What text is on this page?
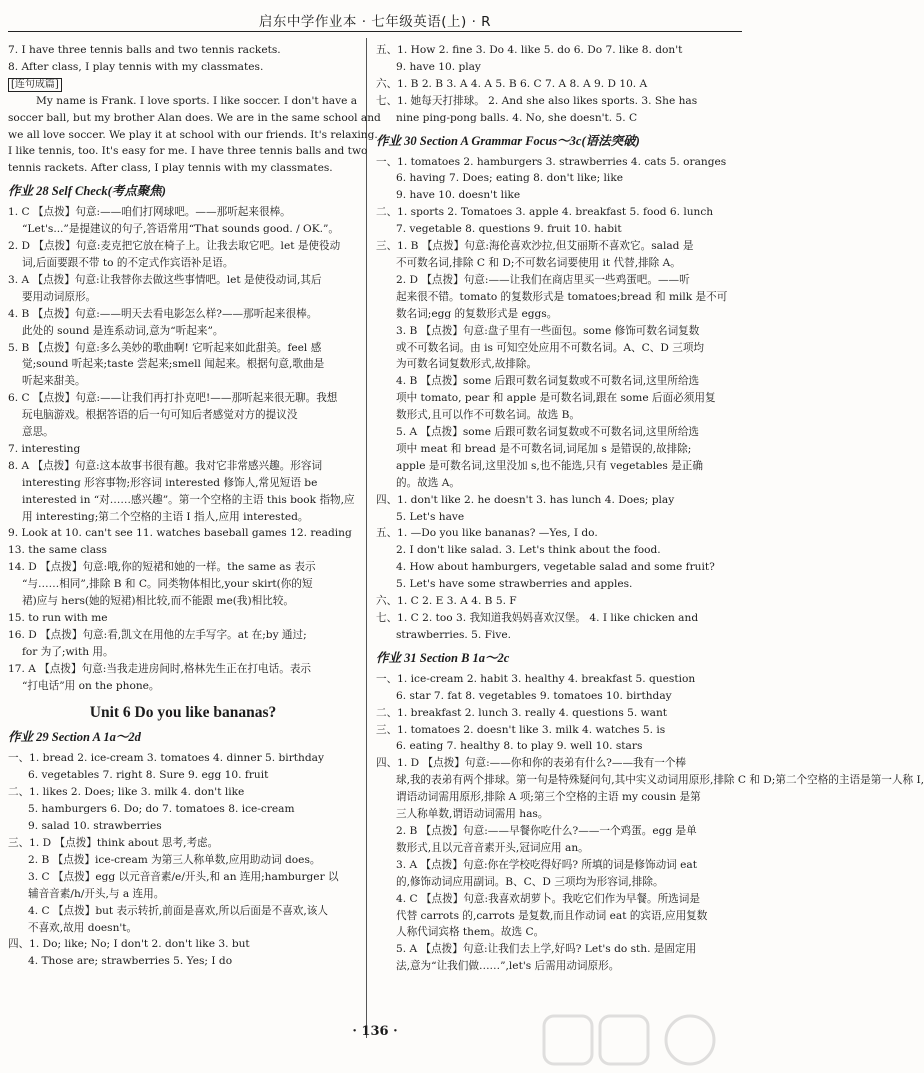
启东中学作业本 · 七年级英语(上) · R
7. I have three tennis balls and two tennis rackets.
8. After class, I play tennis with my classmates.
[连句成篇]
My name is Frank. I love sports. I like soccer. I don't have a
soccer ball, but my brother Alan does. We are in the same school and
we all love soccer. We play it at school with our friends. It's relaxing.
I like tennis, too. It's easy for me. I have three tennis balls and two
tennis rackets. After class, I play tennis with my classmates.
作业 28 Self Check(考点聚焦)
1. C 【点拨】句意:——咱们打网球吧。——那听起来很棒。
“Let's...”是提建议的句子,答语常用“That sounds good. / OK.”。
2. D 【点拨】句意:麦克把它放在椅子上。让我去取它吧。let 是使役动
词,后面要跟不带 to 的不定式作宾语补足语。
3. A 【点拨】句意:让我替你去做这些事情吧。let 是使役动词,其后
要用动词原形。
4. B 【点拨】句意:——明天去看电影怎么样?——那听起来很棒。
此处的 sound 是连系动词,意为“听起来”。
5. B 【点拨】句意:多么美妙的歌曲啊! 它听起来如此甜美。feel 感
觉;sound 听起来;taste 尝起来;smell 闻起来。根据句意,歌曲是
听起来甜美。
6. C 【点拨】句意:——让我们再打扑克吧!——那听起来很无聊。我想
玩电脑游戏。根据答语的后一句可知后者感觉对方的提议没
意思。
7. interesting
8. A 【点拨】句意:这本故事书很有趣。我对它非常感兴趣。形容词
interesting 形容事物;形容词 interested 修饰人,常见短语 be
interested in “对……感兴趣”。第一个空格的主语 this book 指物,应
用 interesting;第二个空格的主语 I 指人,应用 interested。
9. Look at 10. can't see 11. watches baseball games 12. reading
13. the same class
14. D 【点拨】句意:哦,你的短裙和她的一样。the same as 表示
“与……相同”,排除 B 和 C。同类物体相比,your skirt(你的短
裙)应与 hers(她的短裙)相比较,而不能跟 me(我)相比较。
15. to run with me
16. D 【点拨】句意:看,凯文在用他的左手写字。at 在;by 通过;
for 为了;with 用。
17. A 【点拨】句意:当我走进房间时,格林先生正在打电话。表示
“打电话”用 on the phone。
Unit 6 Do you like bananas?
作业 29 Section A 1a～2d
一、1. bread 2. ice-cream 3. tomatoes 4. dinner 5. birthday
6. vegetables 7. right 8. Sure 9. egg 10. fruit
二、1. likes 2. Does; like 3. milk 4. don't like
5. hamburgers 6. Do; do 7. tomatoes 8. ice-cream
9. salad 10. strawberries
三、1. D 【点拨】think about 思考,考虑。
2. B 【点拨】ice-cream 为第三人称单数,应用助动词 does。
3. C 【点拨】egg 以元音音素/e/开头,和 an 连用;hamburger 以
辅音音素/h/开头,与 a 连用。
4. C 【点拨】but 表示转折,前面是喜欢,所以后面是不喜欢,该人
不喜欢,故用 doesn't。
四、1. Do; like; No; I don't 2. don't like 3. but
4. Those are; strawberries 5. Yes; I do
五、1. How 2. fine 3. Do 4. like 5. do 6. Do 7. like 8. don't
9. have 10. play
六、1. B 2. B 3. A 4. A 5. B 6. C 7. A 8. A 9. D 10. A
七、1. 她每天打排球。 2. And she also likes sports. 3. She has
nine ping-pong balls. 4. No, she doesn't. 5. C
作业 30 Section A Grammar Focus～3c(语法突破)
一、1. tomatoes 2. hamburgers 3. strawberries 4. cats 5. oranges
6. having 7. Does; eating 8. don't like; like
9. have 10. doesn't like
二、1. sports 2. Tomatoes 3. apple 4. breakfast 5. food 6. lunch
7. vegetable 8. questions 9. fruit 10. habit
三、1. B 【点拨】句意:海伦喜欢沙拉,但艾丽斯不喜欢它。salad 是
不可数名词,排除 C 和 D;不可数名词要使用 it 代替,排除 A。
2. D 【点拨】句意:——让我们在商店里买一些鸡蛋吧。——听
起来很不错。tomato 的复数形式是 tomatoes;bread 和 milk 是不可
数名词;egg 的复数形式是 eggs。
3. B 【点拨】句意:盘子里有一些面包。some 修饰可数名词复数
或不可数名词。由 is 可知空处应用不可数名词。A、C、D 三项均
为可数名词复数形式,故排除。
4. B 【点拨】some 后跟可数名词复数或不可数名词,这里所给选
项中 tomato, pear 和 apple 是可数名词,跟在 some 后面必须用复
数形式,且可以作不可数名词。故选 B。
5. A 【点拨】some 后跟可数名词复数或不可数名词,这里所给选
项中 meat 和 bread 是不可数名词,词尾加 s 是错误的,故排除;
apple 是可数名词,这里没加 s,也不能选,只有 vegetables 是正确
的。故选 A。
四、1. don't like 2. he doesn't 3. has lunch 4. Does; play
5. Let's have
五、1. —Do you like bananas? —Yes, I do.
2. I don't like salad. 3. Let's think about the food.
4. How about hamburgers, vegetable salad and some fruit?
5. Let's have some strawberries and apples.
六、1. C 2. E 3. A 4. B 5. F
七、1. C 2. too 3. 我知道我妈妈喜欢汉堡。 4. I like chicken and
strawberries. 5. Five.
作业 31 Section B 1a～2c
一、1. ice-cream 2. habit 3. healthy 4. breakfast 5. question
6. star 7. fat 8. vegetables 9. tomatoes 10. birthday
二、1. breakfast 2. lunch 3. really 4. questions 5. want
三、1. tomatoes 2. doesn't like 3. milk 4. watches 5. is
6. eating 7. healthy 8. to play 9. well 10. stars
四、1. D 【点拨】句意:——你和你的表弟有什么?——我有一个棒
球,我的表弟有两个排球。第一句是特殊疑问句,其中实义动词用原形,排除 C 和 D;第二个空格的主语是第一人称 I,
谓语动词需用原形,排除 A 项;第三个空格的主语 my cousin 是第
三人称单数,谓语动词需用 has。
2. B 【点拨】句意:——早餐你吃什么?——一个鸡蛋。egg 是单
数形式,且以元音音素开头,冠词应用 an。
3. A 【点拨】句意:你在学校吃得好吗? 所填的词是修饰动词 eat
的,修饰动词应用副词。B、C、D 三项均为形容词,排除。
4. C 【点拨】句意:我喜欢胡萝卜。我吃它们作为早餐。所选词是
代替 carrots 的,carrots 是复数,而且作动词 eat 的宾语,应用复数
人称代词宾格 them。故选 C。
5. A 【点拨】句意:让我们去上学,好吗? Let's do sth. 是固定用
法,意为“让我们做……”,let's 后需用动词原形。
· 136 ·
